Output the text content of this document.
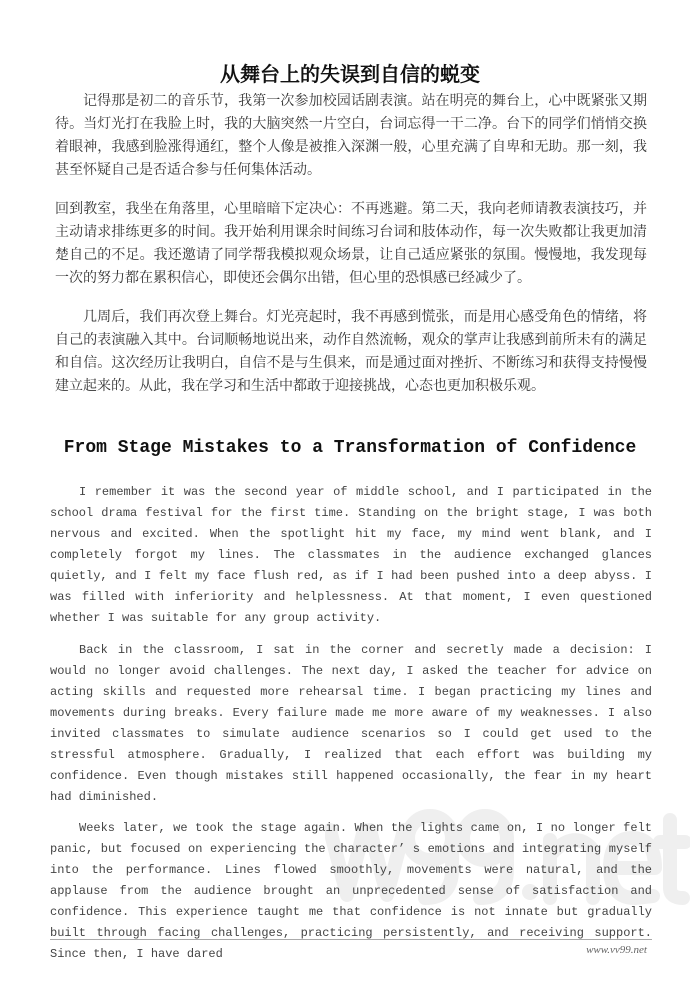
从舞台上的失误到自信的蜕变

记得那是初二的音乐节，我第一次参加校园话剧表演。站在明亮的舞台上，心中既紧张又期待。当灯光打在我脸上时，我的大脑突然一片空白，台词忘得一干二净。台下的同学们悄悄交换着眼神，我感到脸涨得通红，整个人像是被推入深渊一般，心里充满了自卑和无助。那一刻，我甚至怀疑自己是否适合参与任何集体活动。

回到教室，我坐在角落里，心里暗暗下定决心：不再逃避。第二天，我向老师请教表演技巧，并主动请求排练更多的时间。我开始利用课余时间练习台词和肢体动作，每一次失败都让我更加清楚自己的不足。我还邀请了同学帮我模拟观众场景，让自己适应紧张的氛围。慢慢地，我发现每一次的努力都在累积信心，即使还会偶尔出错，但心里的恐惧感已经减少了。

几周后，我们再次登上舞台。灯光亮起时，我不再感到慌张，而是用心感受角色的情绪，将自己的表演融入其中。台词顺畅地说出来，动作自然流畅，观众的掌声让我感到前所未有的满足和自信。这次经历让我明白，自信不是与生俱来，而是通过面对挫折、不断练习和获得支持慢慢建立起来的。从此，我在学习和生活中都敢于迎接挑战，心态也更加积极乐观。

From Stage Mistakes to a Transformation of Confidence

I remember it was the second year of middle school, and I participated in the school drama festival for the first time. Standing on the bright stage, I was both nervous and excited. When the spotlight hit my face, my mind went blank, and I completely forgot my lines. The classmates in the audience exchanged glances quietly, and I felt my face flush red, as if I had been pushed into a deep abyss. I was filled with inferiority and helplessness. At that moment, I even questioned whether I was suitable for any group activity.

Back in the classroom, I sat in the corner and secretly made a decision: I would no longer avoid challenges. The next day, I asked the teacher for advice on acting skills and requested more rehearsal time. I began practicing my lines and movements during breaks. Every failure made me more aware of my weaknesses. I also invited classmates to simulate audience scenarios so I could get used to the stressful atmosphere. Gradually, I realized that each effort was building my confidence. Even though mistakes still happened occasionally, the fear in my heart had diminished.

Weeks later, we took the stage again. When the lights came on, I no longer felt panic, but focused on experiencing the character’ s emotions and integrating myself into the performance. Lines flowed smoothly, movements were natural, and the applause from the audience brought an unprecedented sense of satisfaction and confidence. This experience taught me that confidence is not innate but gradually built through facing challenges, practicing persistently, and receiving support. Since then, I have dared	www.vv99.net
